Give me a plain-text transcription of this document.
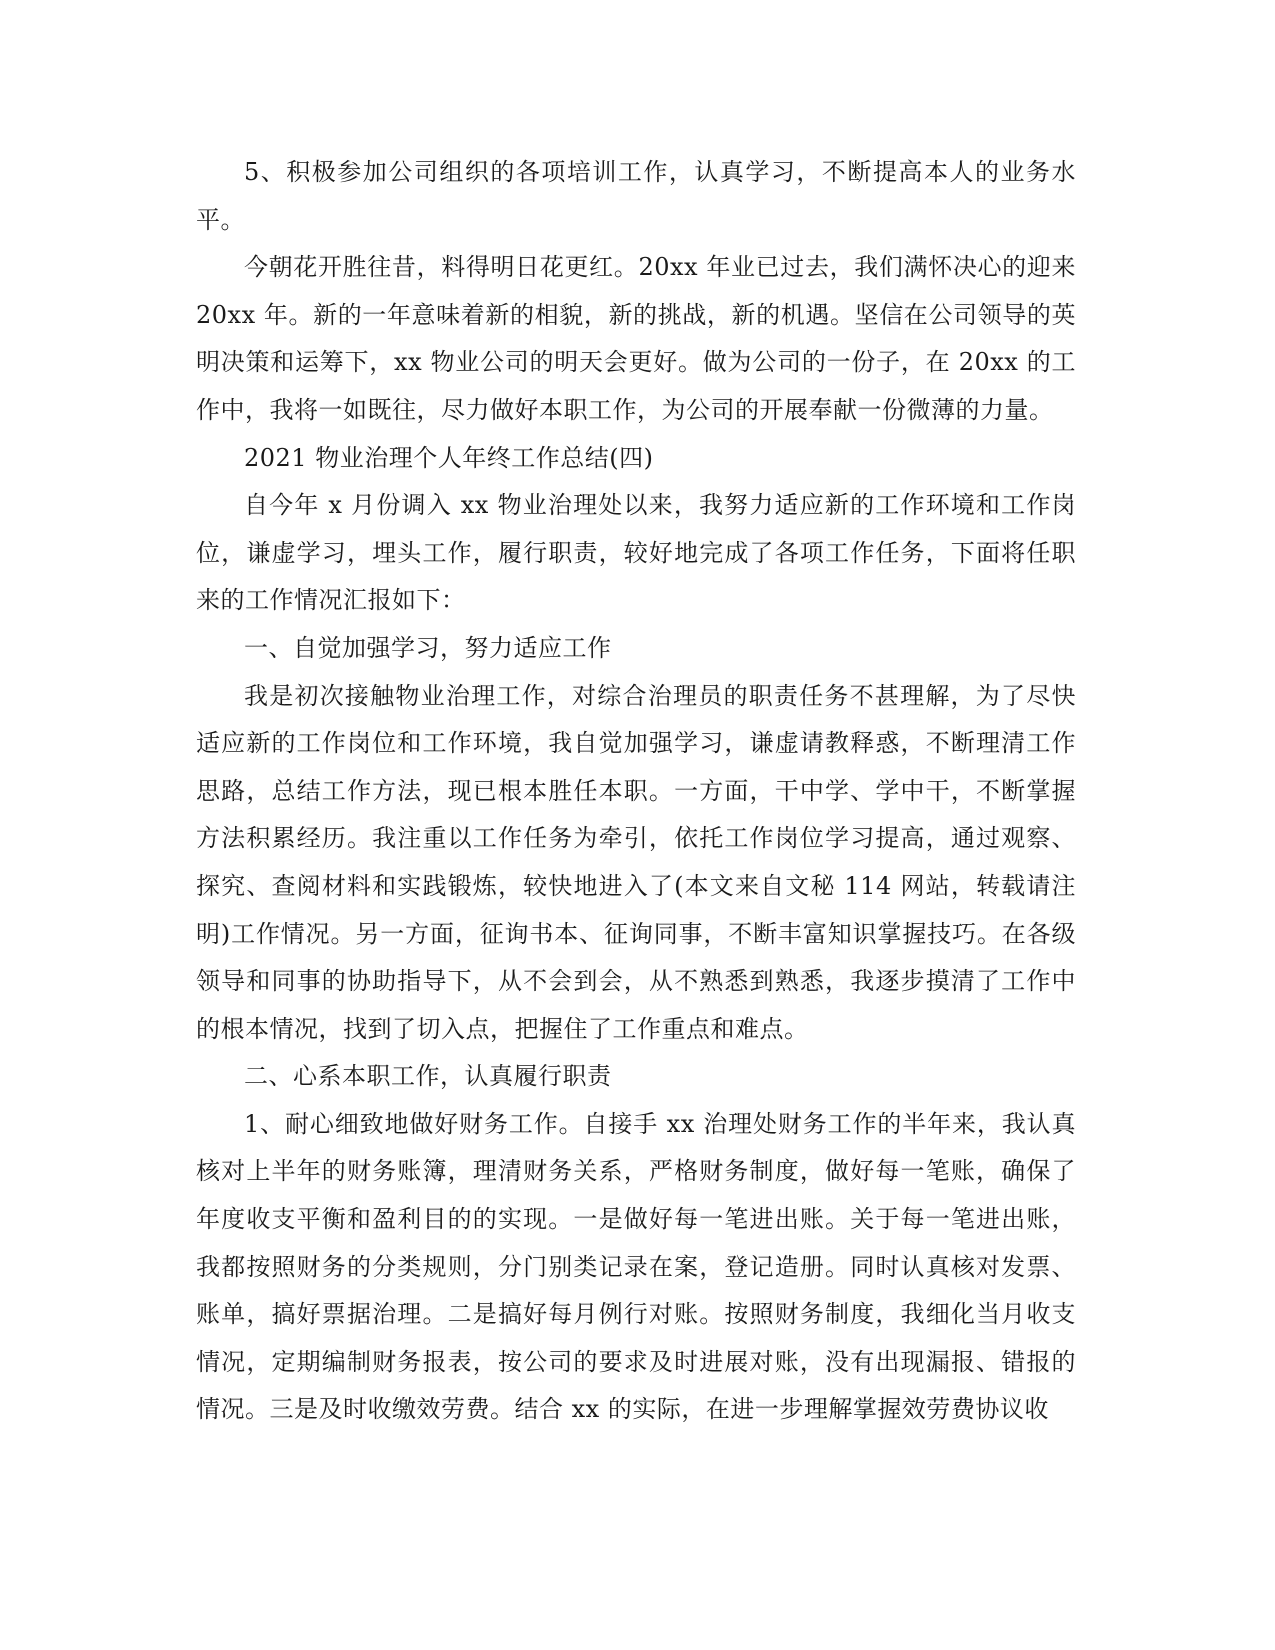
5、积极参加公司组织的各项培训工作，认真学习，不断提高本人的业务水平。

今朝花开胜往昔，料得明日花更红。20xx 年业已过去，我们满怀决心的迎来 20xx 年。新的一年意味着新的相貌，新的挑战，新的机遇。坚信在公司领导的英明决策和运筹下，xx 物业公司的明天会更好。做为公司的一份子，在 20xx 的工作中，我将一如既往，尽力做好本职工作，为公司的开展奉献一份微薄的力量。

2021 物业治理个人年终工作总结(四)

自今年 x 月份调入 xx 物业治理处以来，我努力适应新的工作环境和工作岗位，谦虚学习，埋头工作，履行职责，较好地完成了各项工作任务，下面将任职来的工作情况汇报如下：

一、自觉加强学习，努力适应工作

我是初次接触物业治理工作，对综合治理员的职责任务不甚理解，为了尽快适应新的工作岗位和工作环境，我自觉加强学习，谦虚请教释惑，不断理清工作思路，总结工作方法，现已根本胜任本职。一方面，干中学、学中干，不断掌握方法积累经历。我注重以工作任务为牵引，依托工作岗位学习提高，通过观察、探究、查阅材料和实践锻炼，较快地进入了(本文来自文秘 114 网站，转载请注明)工作情况。另一方面，征询书本、征询同事，不断丰富知识掌握技巧。在各级领导和同事的协助指导下，从不会到会，从不熟悉到熟悉，我逐步摸清了工作中的根本情况，找到了切入点，把握住了工作重点和难点。

二、心系本职工作，认真履行职责

1、耐心细致地做好财务工作。自接手 xx 治理处财务工作的半年来，我认真核对上半年的财务账簿，理清财务关系，严格财务制度，做好每一笔账，确保了年度收支平衡和盈利目的的实现。一是做好每一笔进出账。关于每一笔进出账，我都按照财务的分类规则，分门别类记录在案，登记造册。同时认真核对发票、账单，搞好票据治理。二是搞好每月例行对账。按照财务制度，我细化当月收支情况，定期编制财务报表，按公司的要求及时进展对账，没有出现漏报、错报的情况。三是及时收缴效劳费。结合 xx 的实际，在进一步理解掌握效劳费协议收
